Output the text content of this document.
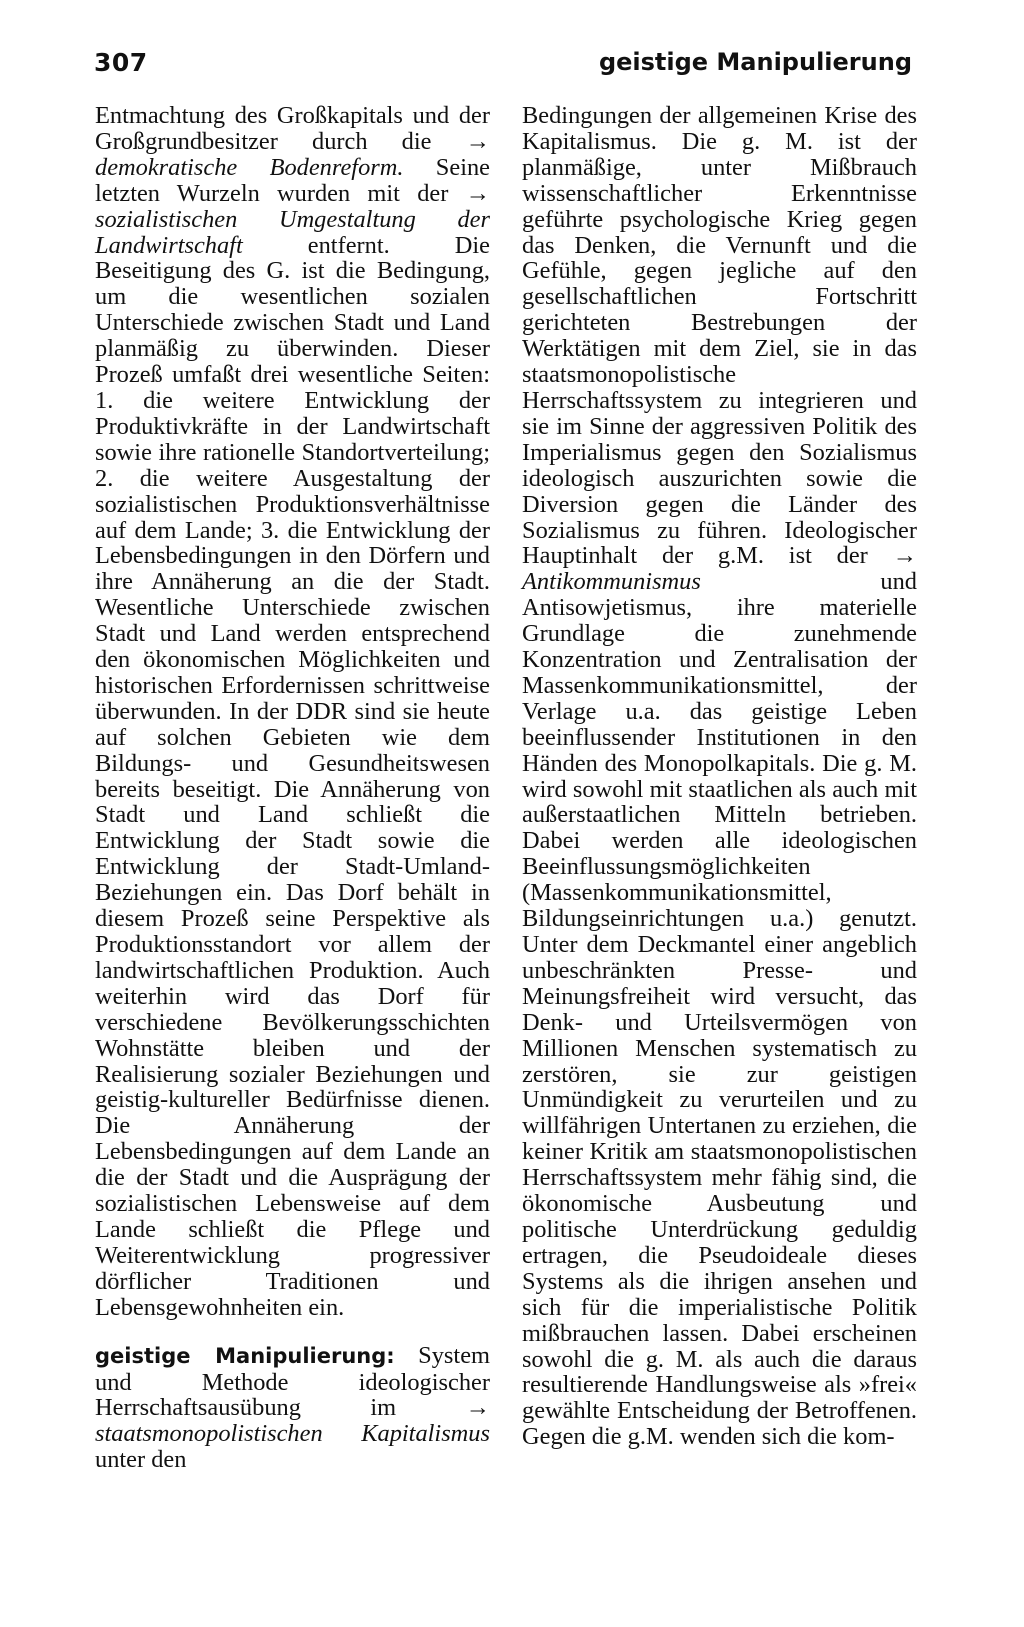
307	geistige Manipulierung

Entmachtung des Großkapitals und der Großgrundbesitzer durch die → demokratische Bodenreform. Seine letzten Wurzeln wurden mit der → sozialistischen Umgestaltung der Landwirtschaft entfernt. Die Beseitigung des G. ist die Bedingung, um die wesentlichen sozialen Unterschiede zwischen Stadt und Land planmäßig zu überwinden. Dieser Prozeß umfaßt drei wesentliche Seiten: 1. die weitere Entwicklung der Produktivkräfte in der Landwirtschaft sowie ihre rationelle Standortverteilung; 2. die weitere Ausgestaltung der sozialistischen Produktionsverhältnisse auf dem Lande; 3. die Entwicklung der Lebensbedingungen in den Dörfern und ihre Annäherung an die der Stadt. Wesentliche Unterschiede zwischen Stadt und Land werden entsprechend den ökonomischen Möglichkeiten und historischen Erfordernissen schrittweise überwunden. In der DDR sind sie heute auf solchen Gebieten wie dem Bildungs- und Gesundheitswesen bereits beseitigt. Die Annäherung von Stadt und Land schließt die Entwicklung der Stadt sowie die Entwicklung der Stadt-Umland-Beziehungen ein. Das Dorf behält in diesem Prozeß seine Perspektive als Produktionsstandort vor allem der landwirtschaftlichen Produktion. Auch weiterhin wird das Dorf für verschiedene Bevölkerungsschichten Wohnstätte bleiben und der Realisierung sozialer Beziehungen und geistig-kultureller Bedürfnisse dienen. Die Annäherung der Lebensbedingungen auf dem Lande an die der Stadt und die Ausprägung der sozialistischen Lebensweise auf dem Lande schließt die Pflege und Weiterentwicklung progressiver dörflicher Traditionen und Lebensgewohnheiten ein.

geistige Manipulierung: System und Methode ideologischer Herrschaftsausübung im → staatsmonopolistischen Kapitalismus unter den

Bedingungen der allgemeinen Krise des Kapitalismus. Die g. M. ist der planmäßige, unter Mißbrauch wissenschaftlicher Erkenntnisse geführte psychologische Krieg gegen das Denken, die Vernunft und die Gefühle, gegen jegliche auf den gesellschaftlichen Fortschritt gerichteten Bestrebungen der Werktätigen mit dem Ziel, sie in das staatsmonopolistische Herrschaftssystem zu integrieren und sie im Sinne der aggressiven Politik des Imperialismus gegen den Sozialismus ideologisch auszurichten sowie die Diversion gegen die Länder des Sozialismus zu führen. Ideologischer Hauptinhalt der g.M. ist der → Antikommunismus und Antisowjetismus, ihre materielle Grundlage die zunehmende Konzentration und Zentralisation der Massenkommunikationsmittel, der Verlage u.a. das geistige Leben beeinflussender Institutionen in den Händen des Monopolkapitals. Die g. M. wird sowohl mit staatlichen als auch mit außerstaatlichen Mitteln betrieben. Dabei werden alle ideologischen Beeinflussungsmöglichkeiten (Massenkommunikationsmittel, Bildungseinrichtungen u.a.) genutzt. Unter dem Deckmantel einer angeblich unbeschränkten Presse- und Meinungsfreiheit wird versucht, das Denk- und Urteilsvermögen von Millionen Menschen systematisch zu zerstören, sie zur geistigen Unmündigkeit zu verurteilen und zu willfährigen Untertanen zu erziehen, die keiner Kritik am staatsmonopolistischen Herrschaftssystem mehr fähig sind, die ökonomische Ausbeutung und politische Unterdrückung geduldig ertragen, die Pseudoideale dieses Systems als die ihrigen ansehen und sich für die imperialistische Politik mißbrauchen lassen. Dabei erscheinen sowohl die g. M. als auch die daraus resultierende Handlungsweise als »frei« gewählte Entscheidung der Betroffenen. Gegen die g.M. wenden sich die kom-
